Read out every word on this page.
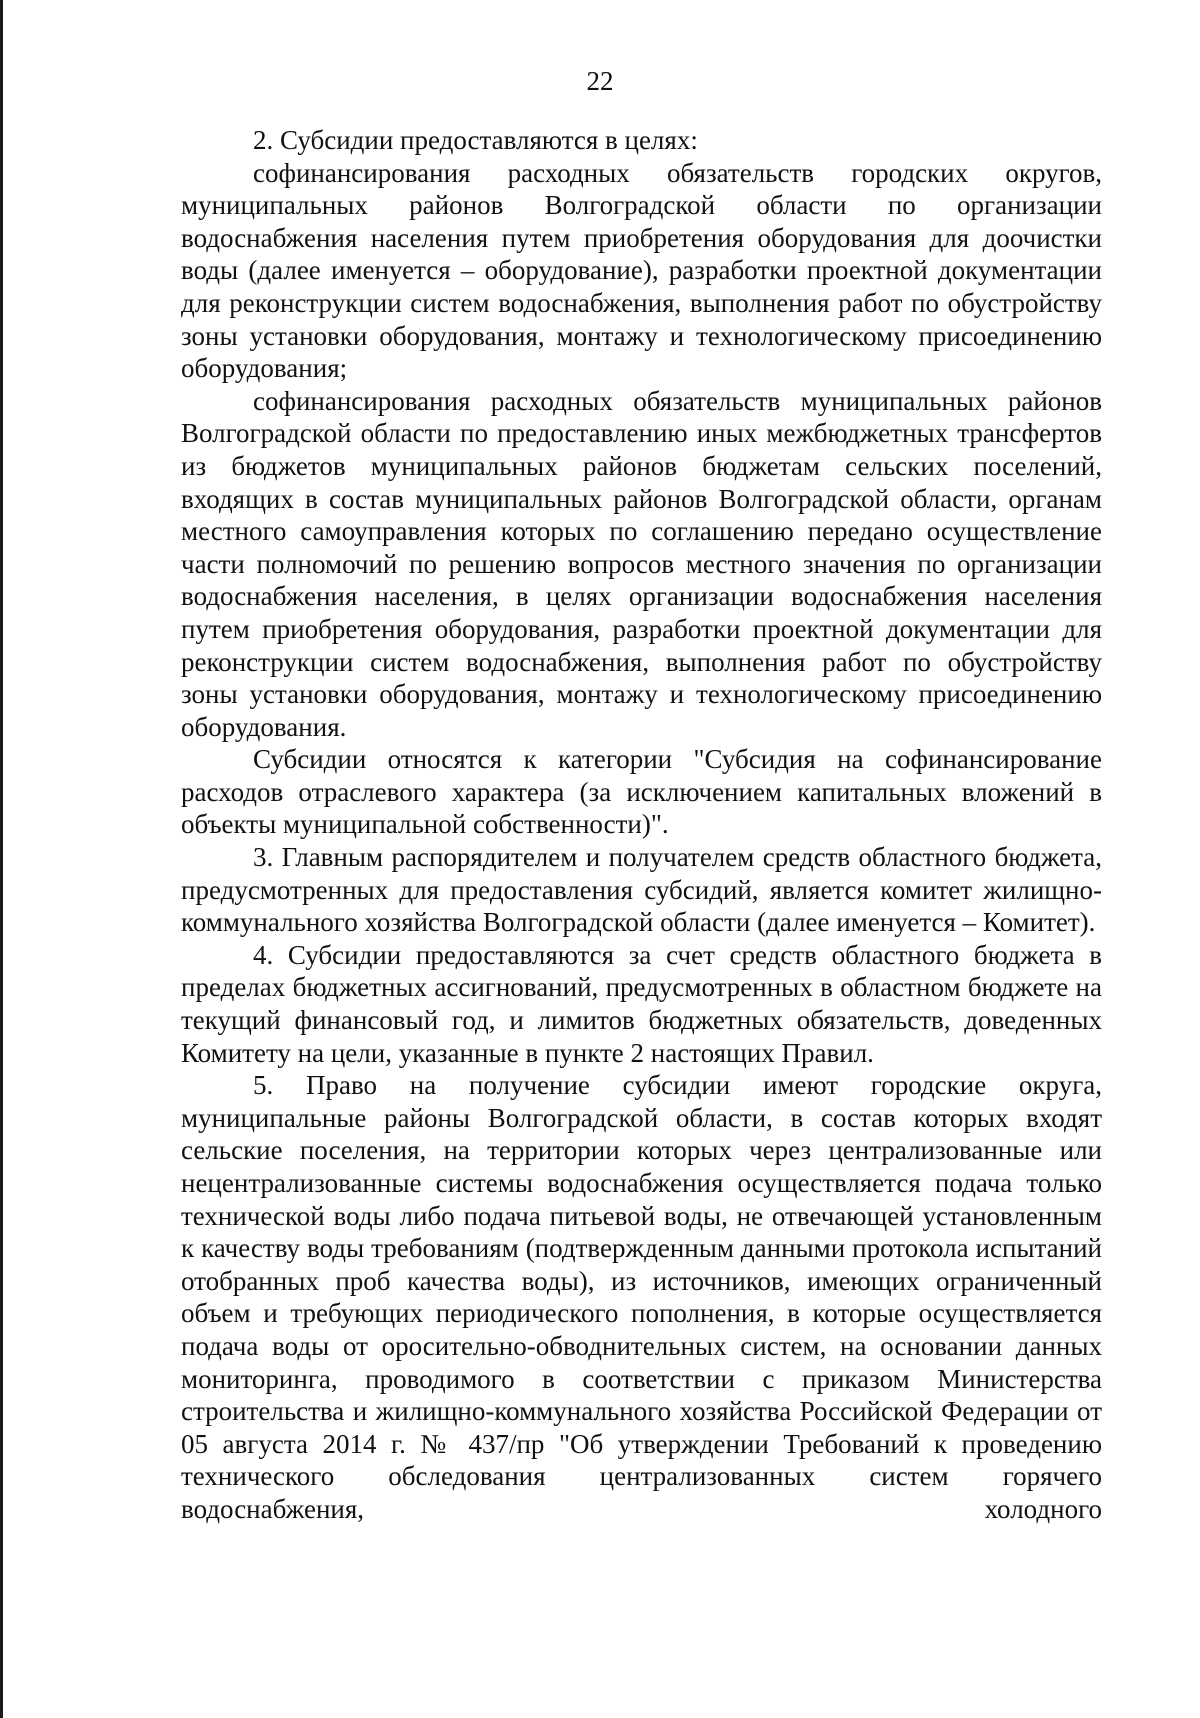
22

2. Субсидии предоставляются в целях:

софинансирования расходных обязательств городских округов, муниципальных районов Волгоградской области по организации водоснабжения населения путем приобретения оборудования для доочистки воды (далее именуется – оборудование), разработки проектной документации для реконструкции систем водоснабжения, выполнения работ по обустройству зоны установки оборудования, монтажу и технологическому присоединению оборудования;

софинансирования расходных обязательств муниципальных районов Волгоградской области по предоставлению иных межбюджетных трансфертов из бюджетов муниципальных районов бюджетам сельских поселений, входящих в состав муниципальных районов Волгоградской области, органам местного самоуправления которых по соглашению передано осуществление части полномочий по решению вопросов местного значения по организации водоснабжения населения, в целях организации водоснабжения населения путем приобретения оборудования, разработки проектной документации для реконструкции систем водоснабжения, выполнения работ по обустройству зоны установки оборудования, монтажу и технологическому присоединению оборудования.

Субсидии относятся к категории "Субсидия на софинансирование расходов отраслевого характера (за исключением капитальных вложений в объекты муниципальной собственности)".

3. Главным распорядителем и получателем средств областного бюджета, предусмотренных для предоставления субсидий, является комитет жилищно-коммунального хозяйства Волгоградской области (далее именуется – Комитет).

4. Субсидии предоставляются за счет средств областного бюджета в пределах бюджетных ассигнований, предусмотренных в областном бюджете на текущий финансовый год, и лимитов бюджетных обязательств, доведенных Комитету на цели, указанные в пункте 2 настоящих Правил.

5. Право на получение субсидии имеют городские округа, муниципальные районы Волгоградской области, в состав которых входят сельские поселения, на территории которых через централизованные или нецентрализованные системы водоснабжения осуществляется подача только технической воды либо подача питьевой воды, не отвечающей установленным к качеству воды требованиям (подтвержденным данными протокола испытаний отобранных проб качества воды), из источников, имеющих ограниченный объем и требующих периодического пополнения, в которые осуществляется подача воды от оросительно-обводнительных систем, на основании данных мониторинга, проводимого в соответствии с приказом Министерства строительства и жилищно-коммунального хозяйства Российской Федерации от 05 августа 2014 г. № 437/пр "Об утверждении Требований к проведению технического обследования централизованных систем горячего водоснабжения, холодного
